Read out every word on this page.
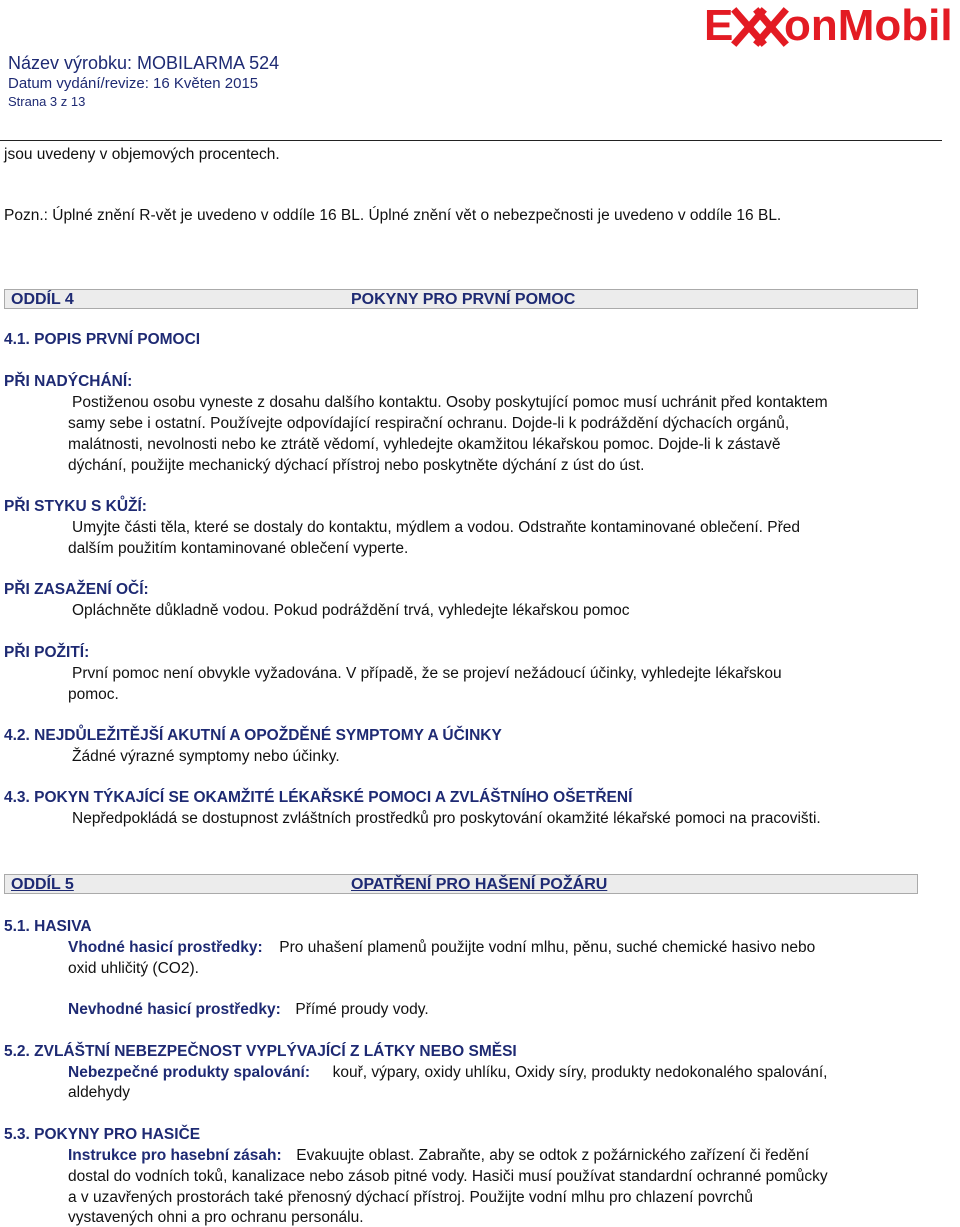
Název výrobku: MOBILARMA 524
Datum vydání/revize: 16 Květen 2015
Strana 3 z 13
E onMobil
jsou uvedeny v objemových procentech.
Pozn.: Úplné znění R-vět je uvedeno v oddíle 16 BL. Úplné znění vět o nebezpečnosti je uvedeno v oddíle 16 BL.
ODDÍL 4	POKYNY PRO PRVNÍ POMOC
4.1. POPIS PRVNÍ POMOCI
PŘI NADÝCHÁNÍ:
Postiženou osobu vyneste z dosahu dalšího kontaktu. Osoby poskytující pomoc musí uchránit před kontaktem
samy sebe i ostatní. Používejte odpovídající respirační ochranu. Dojde-li k podráždění dýchacích orgánů,
malátnosti, nevolnosti nebo ke ztrátě vědomí, vyhledejte okamžitou lékařskou pomoc. Dojde-li k zástavě
dýchání, použijte mechanický dýchací přístroj nebo poskytněte dýchání z úst do úst.
PŘI STYKU S KŮŽÍ:
Umyjte části těla, které se dostaly do kontaktu, mýdlem a vodou. Odstraňte kontaminované oblečení. Před
dalším použitím kontaminované oblečení vyperte.
PŘI ZASAŽENÍ OČÍ:
Opláchněte důkladně vodou. Pokud podráždění trvá, vyhledejte lékařskou pomoc
PŘI POŽITÍ:
První pomoc není obvykle vyžadována. V případě, že se projeví nežádoucí účinky, vyhledejte lékařskou
pomoc.
4.2. NEJDŮLEŽITĚJŠÍ AKUTNÍ A OPOŽDĚNÉ SYMPTOMY A ÚČINKY
Žádné výrazné symptomy nebo účinky.
4.3. POKYN TÝKAJÍCÍ SE OKAMŽITÉ LÉKAŘSKÉ POMOCI A ZVLÁŠTNÍHO OŠETŘENÍ
Nepředpokládá se dostupnost zvláštních prostředků pro poskytování okamžité lékařské pomoci na pracovišti.
ODDÍL 5	OPATŘENÍ PRO HAŠENÍ POŽÁRU
5.1. HASIVA
Vhodné hasicí prostředky: Pro uhašení plamenů použijte vodní mlhu, pěnu, suché chemické hasivo nebo
oxid uhličitý (CO2).
Nevhodné hasicí prostředky: Přímé proudy vody.
5.2. ZVLÁŠTNÍ NEBEZPEČNOST VYPLÝVAJÍCÍ Z LÁTKY NEBO SMĚSI
Nebezpečné produkty spalování: kouř, výpary, oxidy uhlíku, Oxidy síry, produkty nedokonalého spalování,
aldehydy
5.3. POKYNY PRO HASIČE
Instrukce pro hasební zásah: Evakuujte oblast. Zabraňte, aby se odtok z požárnického zařízení či ředění
dostal do vodních toků, kanalizace nebo zásob pitné vody. Hasiči musí používat standardní ochranné pomůcky
a v uzavřených prostorách také přenosný dýchací přístroj. Použijte vodní mlhu pro chlazení povrchů
vystavených ohni a pro ochranu personálu.
